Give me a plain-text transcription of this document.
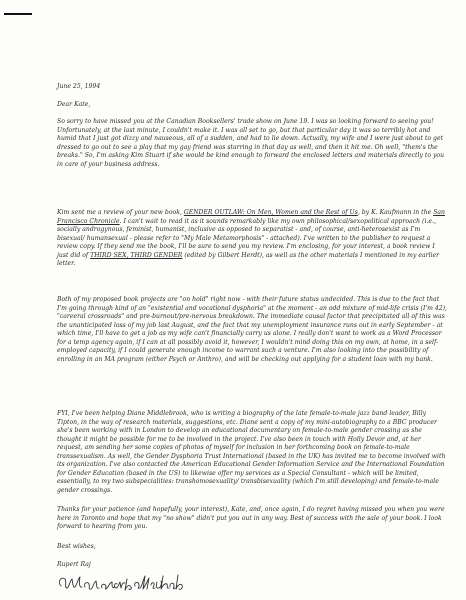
June 25, 1994
Dear Kate,
So sorry to have missed you at the Canadian Booksellers' trade show on June 19. I was so looking forward to seeing you! Unfortunately, at the last minute, I couldn't make it. I was all set to go, but that particular day it was so terribly hot and humid that I just got dizzy and nauseous, all of a sudden, and had to lie down. Actually, my wife and I were just about to get dressed to go out to see a play that my gay friend was starring in that day as well, and then it hit me. Oh well, "them's the breaks." So, I'm asking Kim Stuart if she would be kind enough to forward the enclosed letters and materials directly to you in care of your business address.
Kim sent me a review of your new book, GENDER OUTLAW: On Men, Women and the Rest of Us, by K. Kaufmann in the San Francisco Chronicle. I can't wait to read it as it sounds remarkably like my own philosophical/sexopolitical approach (i.e., socially androgynous, feminist, humanist, inclusive as opposed to separatist - and, of course, anti-heterosexist as I'm bisexual/ humansexual - please refer to "My Male Metamorphosis" - attached). I've written to the publisher to request a review copy. If they send me the book, I'll be sure to send you my review. I'm enclosing, for your interest, a book review I just did of THIRD SEX, THIRD GENDER (edited by Gilbert Herdt), as well as the other materials I mentioned in my earlier letter.
Both of my proposed book projects are "on hold" right now - with their future status undecided. This is due to the fact that I'm going through kind of an "existential and vocational dysphoria" at the moment - an odd mixture of mid-life crisis (I'm 42), "careeral crossroads" and pre-burnout/pre-nervous breakdown. The immediate causal factor that precipitated all of this was the unanticipated loss of my job last August, and the fact that my unemployment insurance runs out in early September - at which time, I'll have to get a job as my wife can't financially carry us alone. I really don't want to work as a Word Processor for a temp agency again, if I can at all possibly avoid it, however, I wouldn't mind doing this on my own, at home, in a self-employed capacity, if I could generate enough income to warrant such a venture. I'm also looking into the possibility of enrolling in an MA program (either Psych or Anthro), and will be checking out applying for a student loan with my bank.
FYI, I've been helping Diane Middlebrook, who is writing a biography of the late female-to-male jazz band leader, Billy Tipton, in the way of research materials, suggestions, etc. Diane sent a copy of my mini-autobiography to a BBC producer she's been working with in London to develop an educational documentary on female-to-male gender crossing as she thought it might be possible for me to be involved in the project. I've also been in touch with Holly Devor and, at her request, am sending her some copies of photos of myself for inclusion in her forthcoming book on female-to-male transsexualism. As well, the Gender Dysphoria Trust International (based in the UK) has invited me to become involved with its organization. I've also contacted the American Educational Gender Information Service and the International Foundation for Gender Education (based in the US) to likewise offer my services as a Special Consultant - which will be limited, essentially, to my two subspecialities: transhomosexuality/ transbisexuality (which I'm still developing) and female-to-male gender crossings.
Thanks for your patience (and hopefully, your interest), Kate, and, once again, I do regret having missed you when you were here in Toronto and hope that my "no show" didn't put you out in any way. Best of success with the sale of your book. I look forward to hearing from you.
Best wishes,
Rupert Raj
